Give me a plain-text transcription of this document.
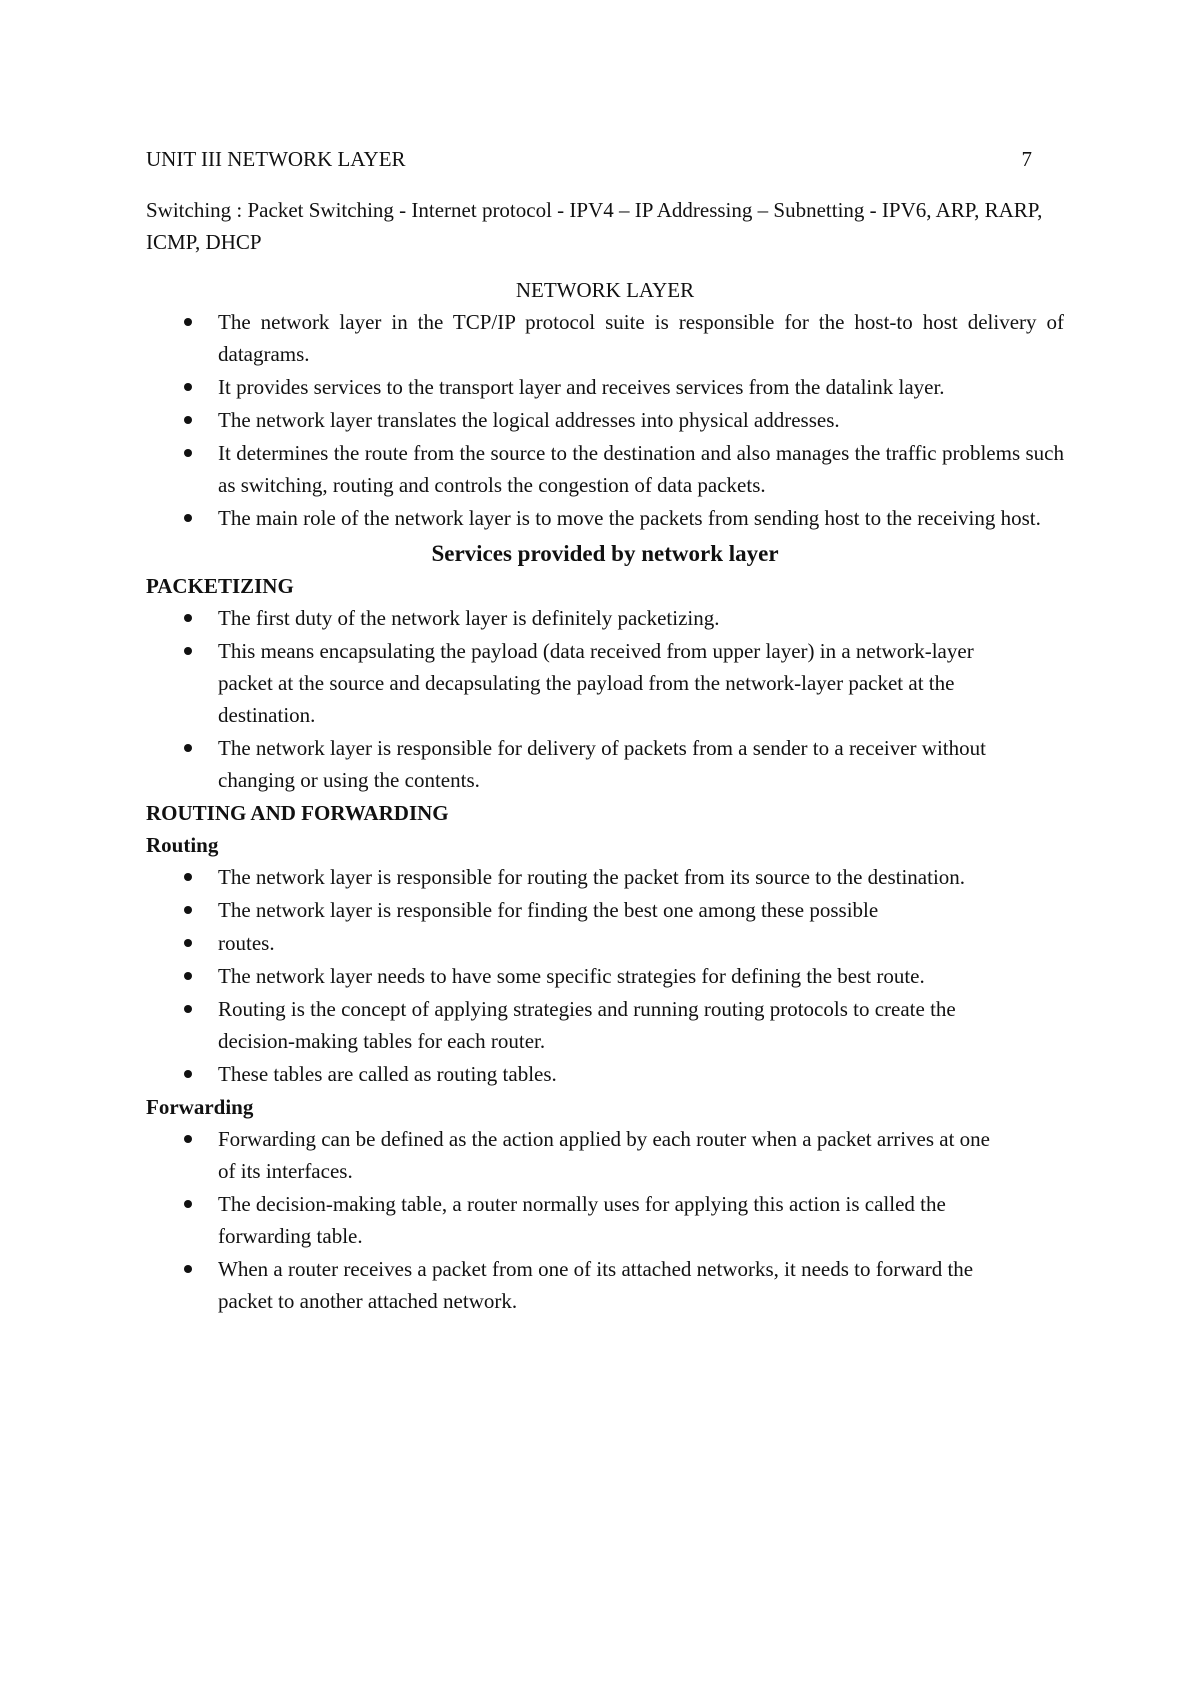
UNIT III NETWORK LAYER	7
Switching : Packet Switching - Internet protocol - IPV4 – IP Addressing – Subnetting - IPV6, ARP, RARP, ICMP, DHCP
NETWORK LAYER
The network layer in the TCP/IP protocol suite is responsible for the host-to host delivery of datagrams.
It provides services to the transport layer and receives services from the datalink layer.
The network layer translates the logical addresses into physical addresses.
It determines the route from the source to the destination and also manages the traffic problems such as switching, routing and controls the congestion of data packets.
The main role of the network layer is to move the packets from sending host to the receiving host.
Services provided by network layer
PACKETIZING
The first duty of the network layer is definitely packetizing.
This means encapsulating the payload (data received from upper layer) in a network-layer packet at the source and decapsulating the payload from the network-layer packet at the destination.
The network layer is responsible for delivery of packets from a sender to a receiver without changing or using the contents.
ROUTING AND FORWARDING
Routing
The network layer is responsible for routing the packet from its source to the destination.
The network layer is responsible for finding the best one among these possible
routes.
The network layer needs to have some specific strategies for defining the best route.
Routing is the concept of applying strategies and running routing protocols to create the decision-making tables for each router.
These tables are called as routing tables.
Forwarding
Forwarding can be defined as the action applied by each router when a packet arrives at one of its interfaces.
The decision-making table, a router normally uses for applying this action is called the forwarding table.
When a router receives a packet from one of its attached networks, it needs to forward the packet to another attached network.
